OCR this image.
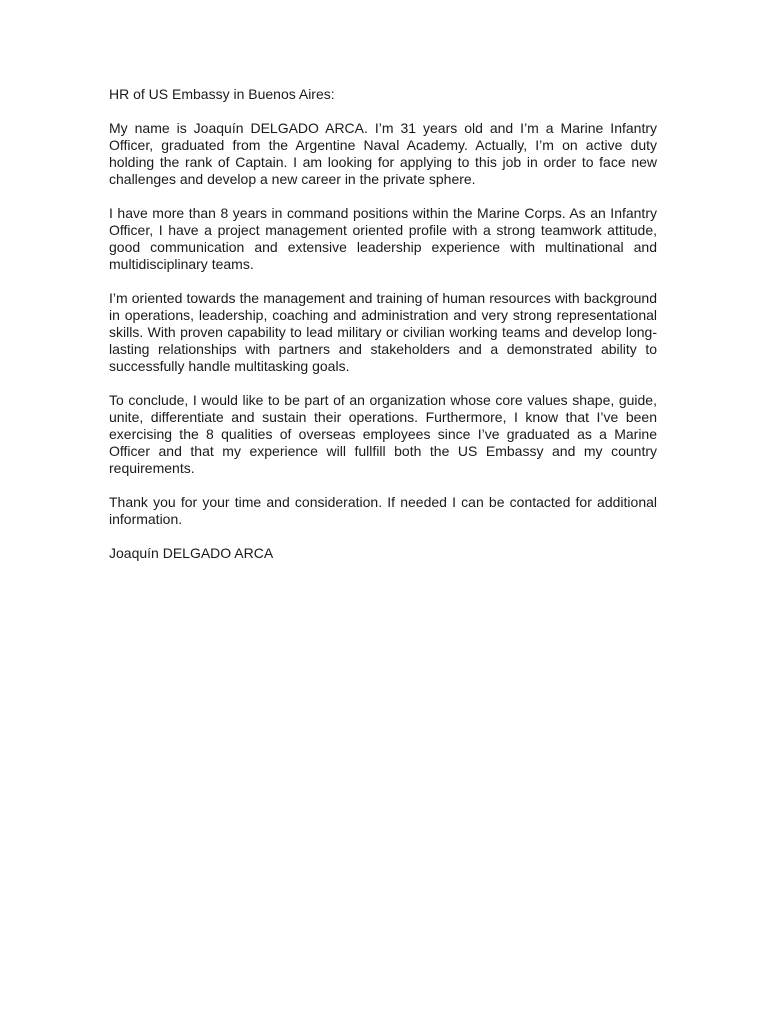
HR of US Embassy in Buenos Aires:

My name is Joaquín DELGADO ARCA. I’m 31 years old and I’m a Marine Infantry Officer, graduated from the Argentine Naval Academy. Actually, I’m on active duty holding the rank of Captain. I am looking for applying to this job in order to face new challenges and develop a new career in the private sphere.

I have more than 8 years in command positions within the Marine Corps. As an Infantry Officer, I have a project management oriented profile with a strong teamwork attitude, good communication and extensive leadership experience with multinational and multidisciplinary teams.

I’m oriented towards the management and training of human resources with background in operations, leadership, coaching and administration and very strong representational skills. With proven capability to lead military or civilian working teams and develop long-lasting relationships with partners and stakeholders and a demonstrated ability to successfully handle multitasking goals.

To conclude, I would like to be part of an organization whose core values shape, guide, unite, differentiate and sustain their operations. Furthermore, I know that I’ve been exercising the 8 qualities of overseas employees since I’ve graduated as a Marine Officer and that my experience will fullfill both the US Embassy and my country requirements.

Thank you for your time and consideration. If needed I can be contacted for additional information.

Joaquín DELGADO ARCA
